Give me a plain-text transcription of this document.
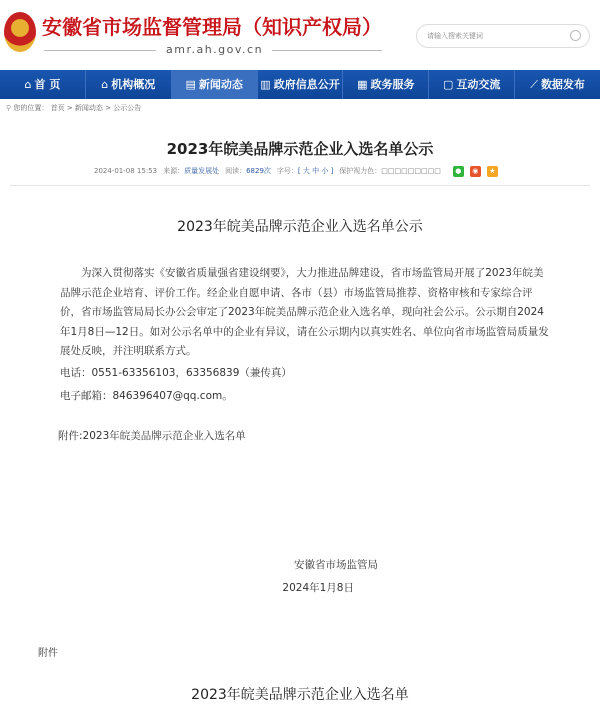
安徽省市场监督管理局（知识产权局）
amr.ah.gov.cn
请输入搜索关键词
⌂ 首 页	⌂ 机构概况	▤ 新闻动态 ▥ 政府信息公开 ▦ 政务服务	▢ 互动交流	⟋ 数据发布
⚲ 您的位置： 首页 > 新闻动态 > 公示公告
2023年皖美品牌示范企业入选名单公示
2024-01-08 15:53 来源：质量发展处 阅读：6829次 字号：[ 大 中 小 ] 保护视力色：□□□□□□□□□	●	◉	★
2023年皖美品牌示范企业入选名单公示

为深入贯彻落实《安徽省质量强省建设纲要》，大力推进品牌建设，省市场监管局开展了2023年皖美品牌示范企业培育、评价工作。经企业自愿申请、各市（县）市场监管局推荐、资格审核和专家综合评价，省市场监管局局长办公会审定了2023年皖美品牌示范企业入选名单，现向社会公示。公示期自2024年1月8日—12日。如对公示名单中的企业有异议，请在公示期内以真实姓名、单位向省市场监管局质量发展处反映，并注明联系方式。

电话：0551-63356103，63356839（兼传真）

电子邮箱：846396407@qq.com。

附件:2023年皖美品牌示范企业入选名单

安徽省市场监管局
2024年1月8日
附件
2023年皖美品牌示范企业入选名单
